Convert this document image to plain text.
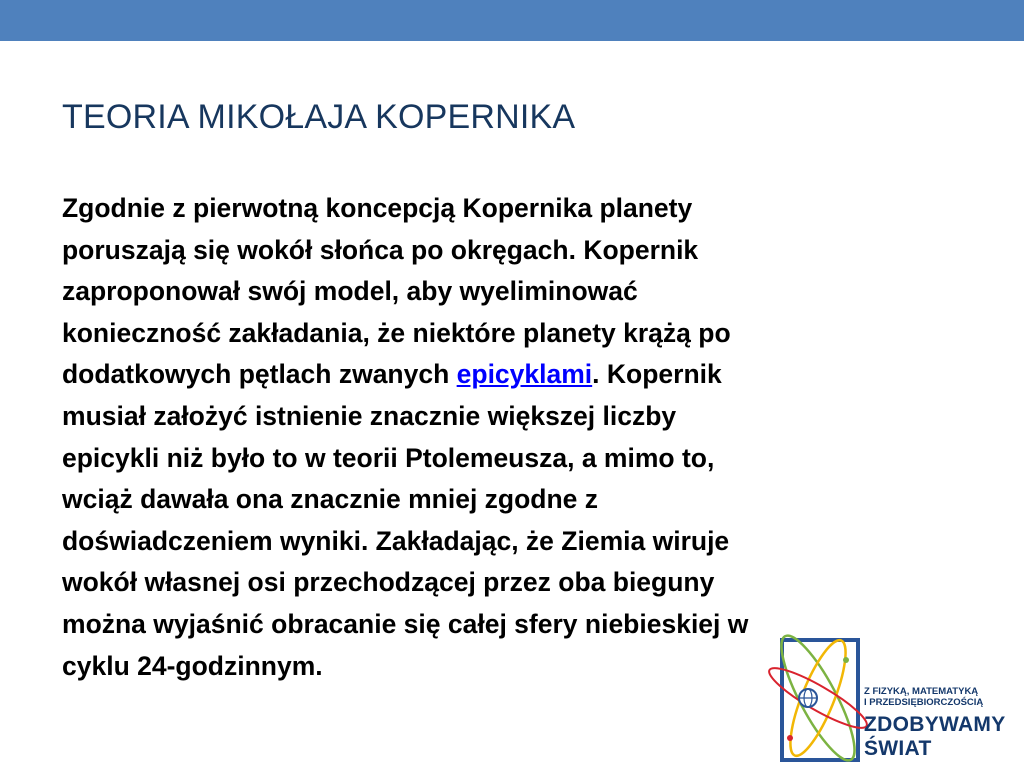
TEORIA MIKOŁAJA KOPERNIKA
Zgodnie z pierwotną koncepcją Kopernika planety
poruszają się wokół słońca po okręgach. Kopernik
zaproponował swój model, aby wyeliminować
konieczność zakładania, że niektóre planety krążą po
dodatkowych pętlach zwanych epicyklami. Kopernik
musiał założyć istnienie znacznie większej liczby
epicykli niż było to w teorii Ptolemeusza, a mimo to,
wciąż dawała ona znacznie mniej zgodne z
doświadczeniem wyniki. Zakładając, że Ziemia wiruje
wokół własnej osi przechodzącej przez oba bieguny
można wyjaśnić obracanie się całej sfery niebieskiej w
cyklu 24-godzinnym.
Z FIZYKĄ, MATEMATYKĄ
I PRZEDSIĘBIORCZOŚCIĄ
ZDOBYWAMY
ŚWIAT
